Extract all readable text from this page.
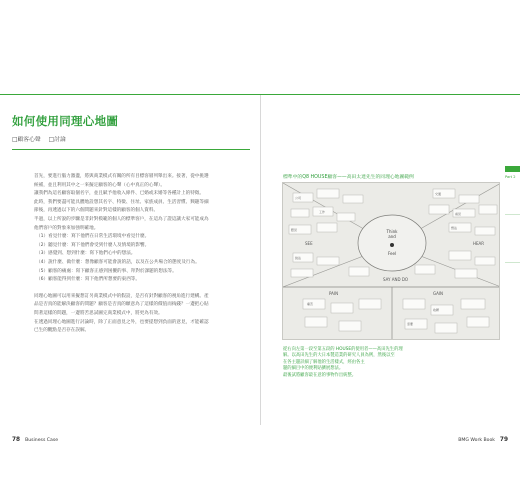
如何使用同理心地圖
□顧客心聲 □討論

首先，要進行腦力激盪，將與商業模式有關的所有目標客層列舉出來。接著，從中挑選

候補，並且利用其中之一來擬定顧客的心聲（心中真正的心聲）。

讓我們為這名顧客取個名字，並且賦予他收入條件、已婚或未婚等各種計上的特徵。

此時，我們要盡可能具體地設想其名字、特徵、住址、家族成員、生活習慣、興趣等細

節後，再透過以下的六個問題來針對這樣的顧客的個人資料。

半過，以上所說的步驟是非針對模範的個人的標準客戶，在這為了證這讓大家可能成為

他們客戶的對象來加強明確地。

（1）看見什麼：寫下他們在日常生活環境中看見什麼。

（2）聽見什麼：寫下他們會受到什麼人及情境的影響。

（3）感覺到、想到什麼：寫下他們心中的想法。

（4）說什麼、做什麼：想像顧客可能會說的話，以及在公共場合的態度及行為。

（5）顧客的痛處：寫下顧客正感到困擾的事、拜對於課題的想法等。

（6）顧客能得到什麼：寫下他們所想要的東西等。

同理心地圖可以用來擬想訂另商業模式中的假設，是否有針對顧客的視角進行建構。產

品是否真的能解決顧客的問題？顧客是否真的願意為了這樣的價值而掏錢？一邊把心貼

問著這樣的問題，一邊將苦思試圖完商業模式中，將更為有效。

在透過同理心地圖進行討論時，除了正面意見之外，也要提想到負面的意見，才能確認

已生的觀點是否存在誤解。

標準中的Q8 HOUSE顧客——高田太達先生的同理心地圖範例
Think
and
Feel
SEE	HEAR
SAY AND DO
PAIN	GAIN
公司
交通
工作	看見
聽見	想法
說法
痛苦
收穫
需要
從右向左第一段至第五段的 HOUSE的使用者——高田先生的理
解。以高田先生的大日本製造業的研究人員為例，然後以至
在各主題詳細了解他的生活樣式，經由各主
題的細目中的便利貼擴展想法。
最後試將顧客最在意的事物作出統整。
Part 2
78 Business Case	BMG Work Book 79
